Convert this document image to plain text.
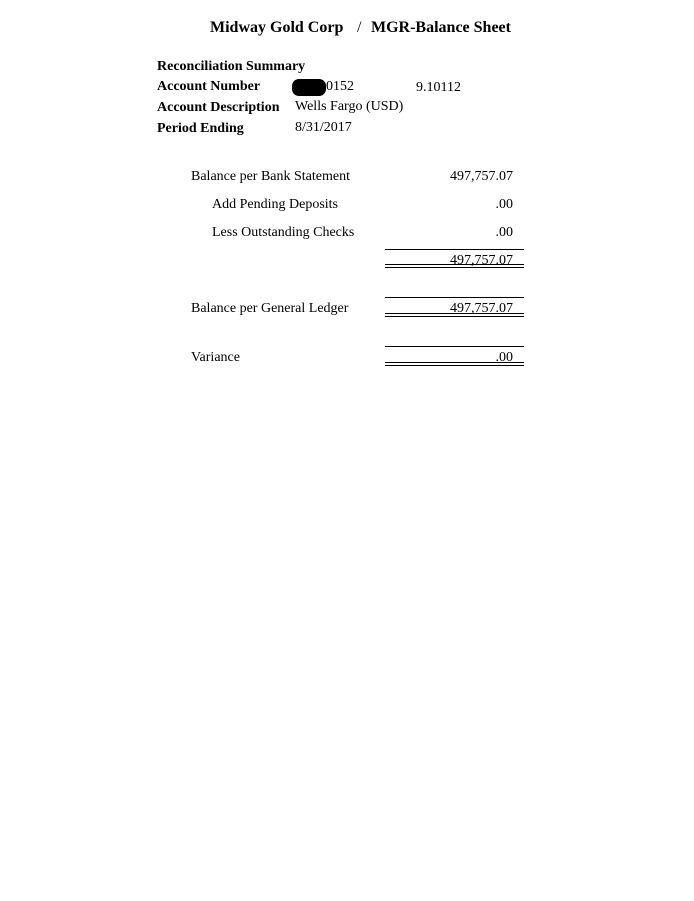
Midway Gold Corp / MGR-Balance Sheet
Reconciliation Summary
Account Number	0152	9.10112
Account Description Wells Fargo (USD)
Period Ending	8/31/2017
Balance per Bank Statement	497,757.07
Add Pending Deposits	.00
Less Outstanding Checks	.00
497,757.07
Balance per General Ledger	497,757.07
Variance	.00
